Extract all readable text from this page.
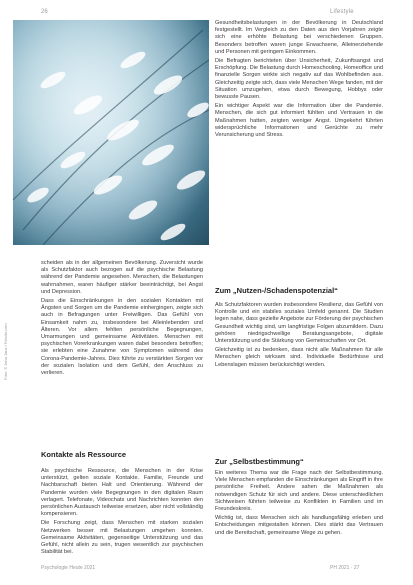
26	Lifestyle
Foto: © Jana Jans / Fotolia.com

scheiden als in der allgemeinen Bevölkerung. Zuversicht wurde als Schutzfaktor auch bezogen auf die psychische Belastung während der Pandemie angesehen. Menschen, die Belastungen wahrnahmen, waren häufiger stärker beeinträchtigt, bei Angst und Depression.

Dass die Einschränkungen in den sozialen Kontakten mit Ängsten und Sorgen um die Pandemie einhergingen, zeigte sich auch in Befragungen unter Freiwilligen. Das Gefühl von Einsamkeit nahm zu, insbesondere bei Alleinlebenden und Älteren. Vor allem fehlten persönliche Begegnungen, Umarmungen und gemeinsame Aktivitäten. Menschen mit psychischen Vorerkrankungen waren dabei besonders betroffen; sie erlebten eine Zunahme von Symptomen während des Corona-Pandemie-Jahres. Dies führte zu verstärkten Sorgen vor der sozialen Isolation und dem Gefühl, den Anschluss zu verlieren.

Kontakte als Ressource

Als psychische Ressource, die Menschen in der Krise unterstützt, gelten soziale Kontakte. Familie, Freunde und Nachbarschaft bieten Halt und Orientierung. Während der Pandemie wurden viele Begegnungen in den digitalen Raum verlagert. Telefonate, Videochats und Nachrichten konnten den persönlichen Austausch teilweise ersetzen, aber nicht vollständig kompensieren.

Die Forschung zeigt, dass Menschen mit starken sozialen Netzwerken besser mit Belastungen umgehen konnten. Gemeinsame Aktivitäten, gegenseitige Unterstützung und das Gefühl, nicht allein zu sein, trugen wesentlich zur psychischen Stabilität bei.

Gesundheitsbelastungen in der Bevölkerung in Deutschland festgestellt. Im Vergleich zu den Daten aus den Vorjahren zeigte sich eine erhöhte Belastung bei verschiedenen Gruppen. Besonders betroffen waren junge Erwachsene, Alleinerziehende und Personen mit geringem Einkommen.

Die Befragten berichteten über Unsicherheit, Zukunftsangst und Erschöpfung. Die Belastung durch Homeschooling, Homeoffice und finanzielle Sorgen wirkte sich negativ auf das Wohlbefinden aus. Gleichzeitig zeigte sich, dass viele Menschen Wege fanden, mit der Situation umzugehen, etwa durch Bewegung, Hobbys oder bewusste Pausen.

Ein wichtiger Aspekt war die Information über die Pandemie. Menschen, die sich gut informiert fühlten und Vertrauen in die Maßnahmen hatten, zeigten weniger Angst. Umgekehrt führten widersprüchliche Informationen und Gerüchte zu mehr Verunsicherung und Stress.

Zum „Nutzen-/Schadenspotenzial“

Als Schutzfaktoren wurden insbesondere Resilienz, das Gefühl von Kontrolle und ein stabiles soziales Umfeld genannt. Die Studien legen nahe, dass gezielte Angebote zur Förderung der psychischen Gesundheit wichtig sind, um langfristige Folgen abzumildern. Dazu gehören niedrigschwellige Beratungsangebote, digitale Unterstützung und die Stärkung von Gemeinschaften vor Ort.

Gleichzeitig ist zu bedenken, dass nicht alle Maßnahmen für alle Menschen gleich wirksam sind. Individuelle Bedürfnisse und Lebenslagen müssen berücksichtigt werden.

Zur „Selbstbestimmung“

Ein weiteres Thema war die Frage nach der Selbstbestimmung. Viele Menschen empfanden die Einschränkungen als Eingriff in ihre persönliche Freiheit. Andere sahen die Maßnahmen als notwendigen Schutz für sich und andere. Diese unterschiedlichen Sichtweisen führten teilweise zu Konflikten in Familien und im Freundeskreis.

Wichtig ist, dass Menschen sich als handlungsfähig erleben und Entscheidungen mitgestalten können. Dies stärkt das Vertrauen und die Bereitschaft, gemeinsame Wege zu gehen.

Psychologie Heute 2021	PH 2021 · 27
